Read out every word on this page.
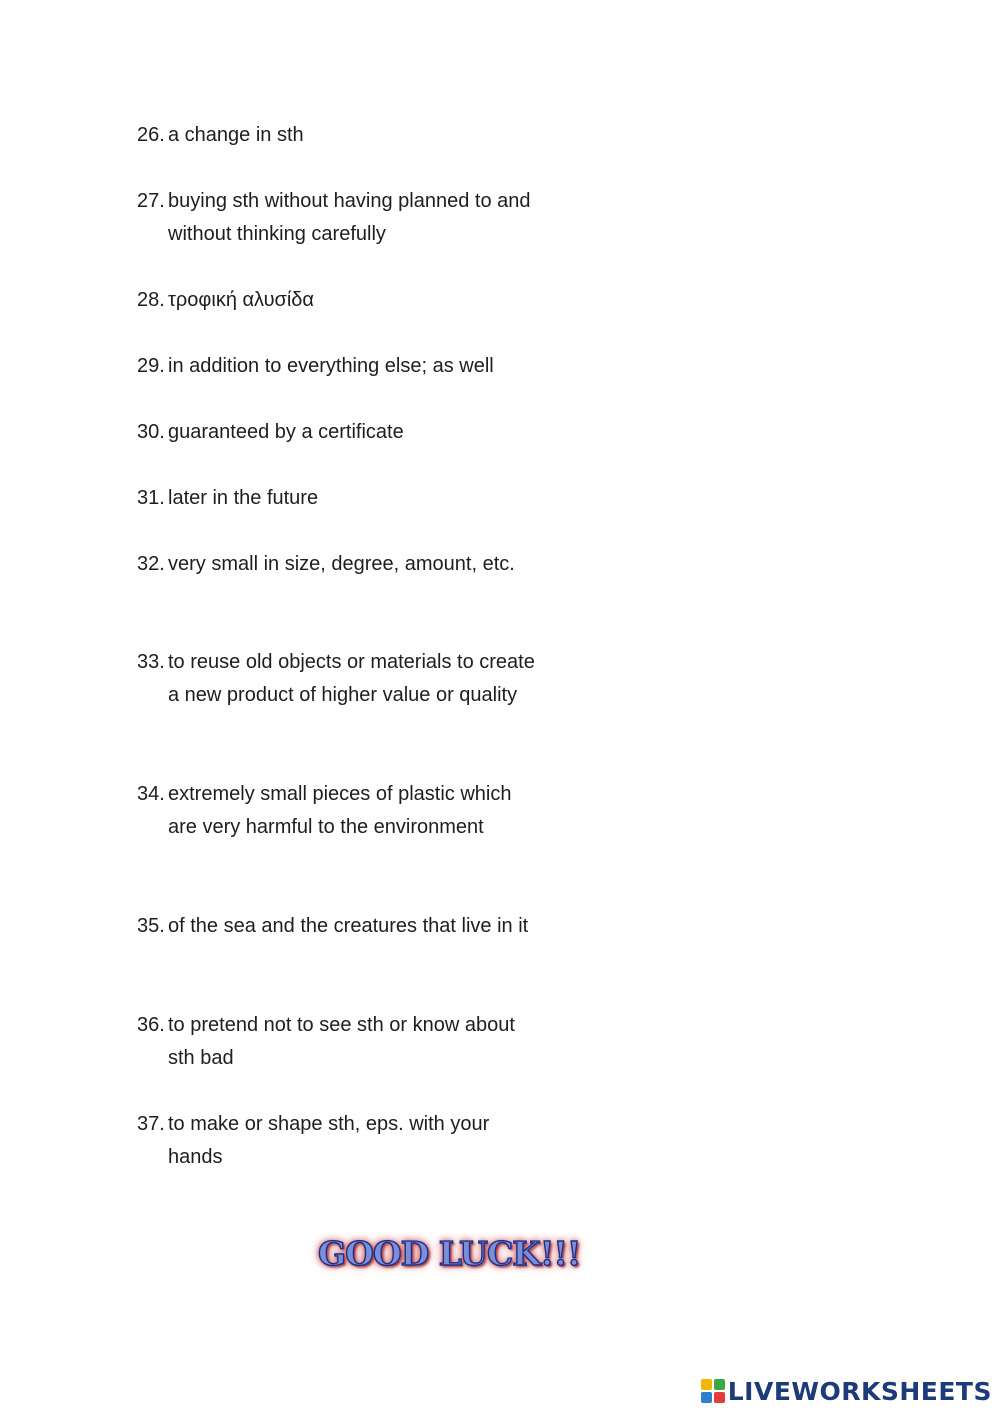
26. a change in sth
27. buying sth without having planned to and without thinking carefully
28. τροφική αλυσίδα
29. in addition to everything else; as well
30. guaranteed by a certificate
31. later in the future
32. very small in size, degree, amount, etc.
33. to reuse old objects or materials to create a new product of higher value or quality
34. extremely small pieces of plastic which are very harmful to the environment
35. of the sea and the creatures that live in it
36. to pretend not to see sth or know about sth bad
37. to make or shape sth, eps. with your hands
GOOD LUCK!!!
LIVEWORKSHEETS
